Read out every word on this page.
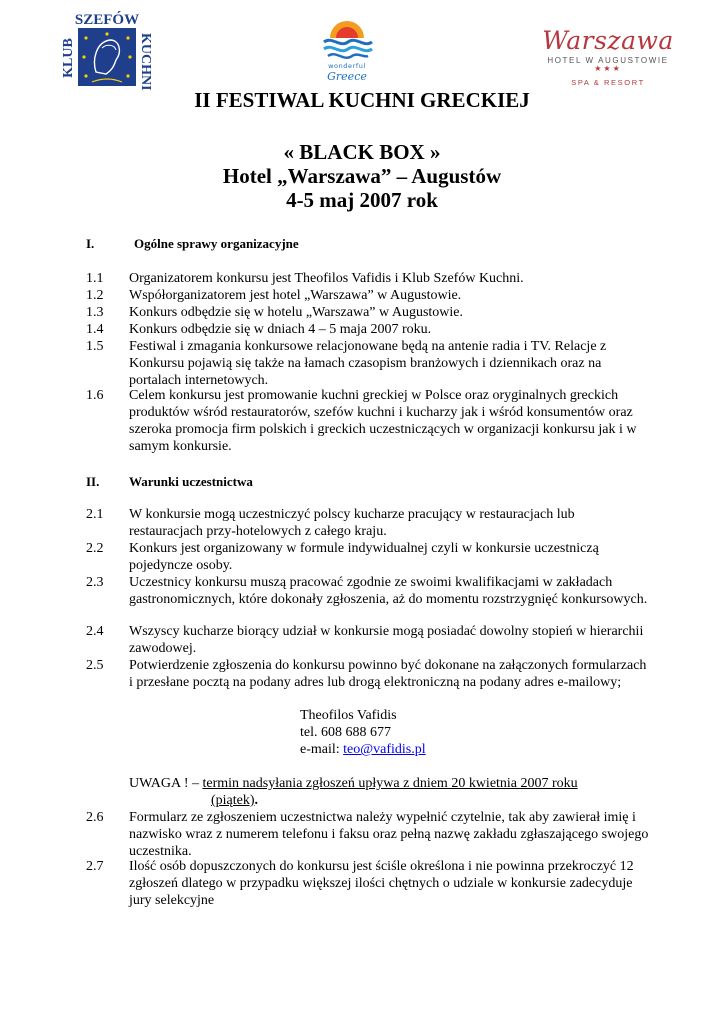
SZEFÓW
KLUB	KUCHNI	wonderful
Greece
Warszawa
HOTEL W AUGUSTOWIE
★★★
SPA & RESORT
II FESTIWAL KUCHNI GRECKIEJ
« BLACK BOX »
Hotel „Warszawa” – Augustów
4-5 maj 2007 rok
I.	Ogólne sprawy organizacyjne
1.1 Organizatorem konkursu jest Theofilos Vafidis i Klub Szefów Kuchni.
1.2 Współorganizatorem jest hotel „Warszawa” w Augustowie.
1.3 Konkurs odbędzie się w hotelu „Warszawa” w Augustowie.
1.4 Konkurs odbędzie się w dniach 4 – 5 maja 2007 roku.
1.5 Festiwal i zmagania konkursowe relacjonowane będą na antenie radia i TV. Relacje z Konkursu pojawią się także na łamach czasopism branżowych i dziennikach oraz na portalach internetowych.
1.6 Celem konkursu jest promowanie kuchni greckiej w Polsce oraz oryginalnych greckich produktów wśród restauratorów, szefów kuchni i kucharzy jak i wśród konsumentów oraz szeroka promocja firm polskich i greckich uczestniczących w organizacji konkursu jak i w samym konkursie.
II. Warunki uczestnictwa
2.1 W konkursie mogą uczestniczyć polscy kucharze pracujący w restauracjach lub restauracjach przy-hotelowych z całego kraju.
2.2 Konkurs jest organizowany w formule indywidualnej czyli w konkursie uczestniczą pojedyncze osoby.
2.3 Uczestnicy konkursu muszą pracować zgodnie ze swoimi kwalifikacjami w zakładach gastronomicznych, które dokonały zgłoszenia, aż do momentu rozstrzygnięć konkursowych.
2.4 Wszyscy kucharze biorący udział w konkursie mogą posiadać dowolny stopień w hierarchii zawodowej.
2.5 Potwierdzenie zgłoszenia do konkursu powinno być dokonane na załączonych formularzach i przesłane pocztą na podany adres lub drogą elektroniczną na podany adres e-mailowy;
Theofilos Vafidis
tel. 608 688 677
e-mail: teo@vafidis.pl
UWAGA ! – termin nadsyłania zgłoszeń upływa z dniem 20 kwietnia 2007 roku
(piątek).
2.6 Formularz ze zgłoszeniem uczestnictwa należy wypełnić czytelnie, tak aby zawierał imię i nazwisko wraz z numerem telefonu i faksu oraz pełną nazwę zakładu zgłaszającego swojego uczestnika.
2.7 Ilość osób dopuszczonych do konkursu jest ściśle określona i nie powinna przekroczyć 12 zgłoszeń dlatego w przypadku większej ilości chętnych o udziale w konkursie zadecyduje jury selekcyjne
